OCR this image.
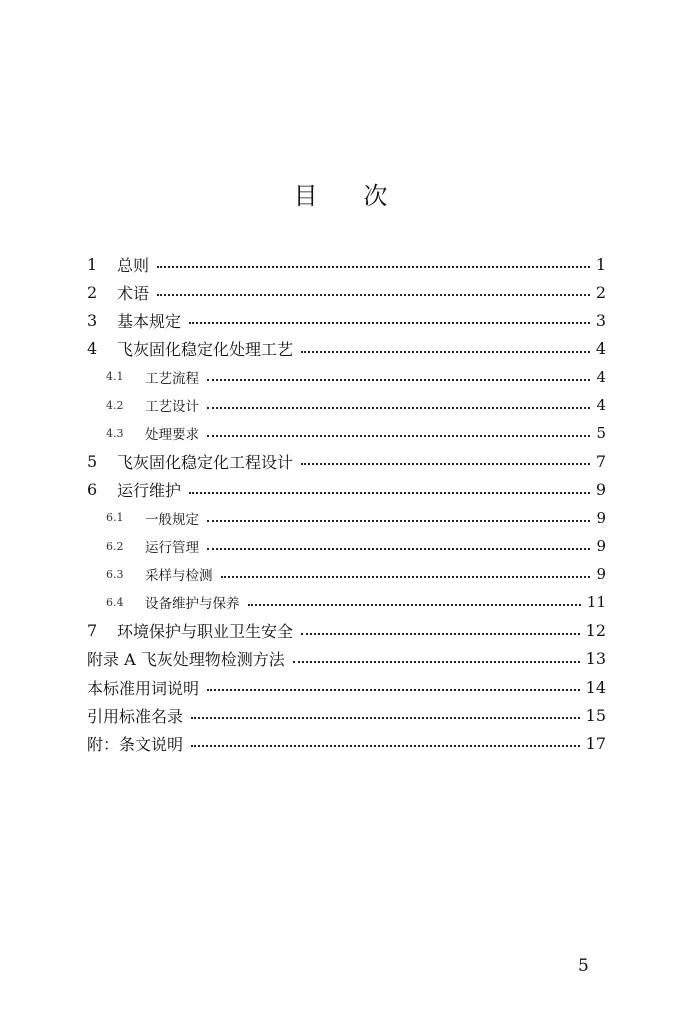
目      次
1	总则	1
2	术语	2
3	基本规定	3
4	飞灰固化稳定化处理工艺	4
4.1	工艺流程	4
4.2	工艺设计	4
4.3	处理要求	5
5	飞灰固化稳定化工程设计	7
6	运行维护	9
6.1	一般规定	9
6.2	运行管理	9
6.3	采样与检测	9
6.4	设备维护与保养	11
7	环境保护与职业卫生安全	12
附录 A 飞灰处理物检测方法	13
本标准用词说明	14
引用标准名录	15
附：条文说明	17
5
